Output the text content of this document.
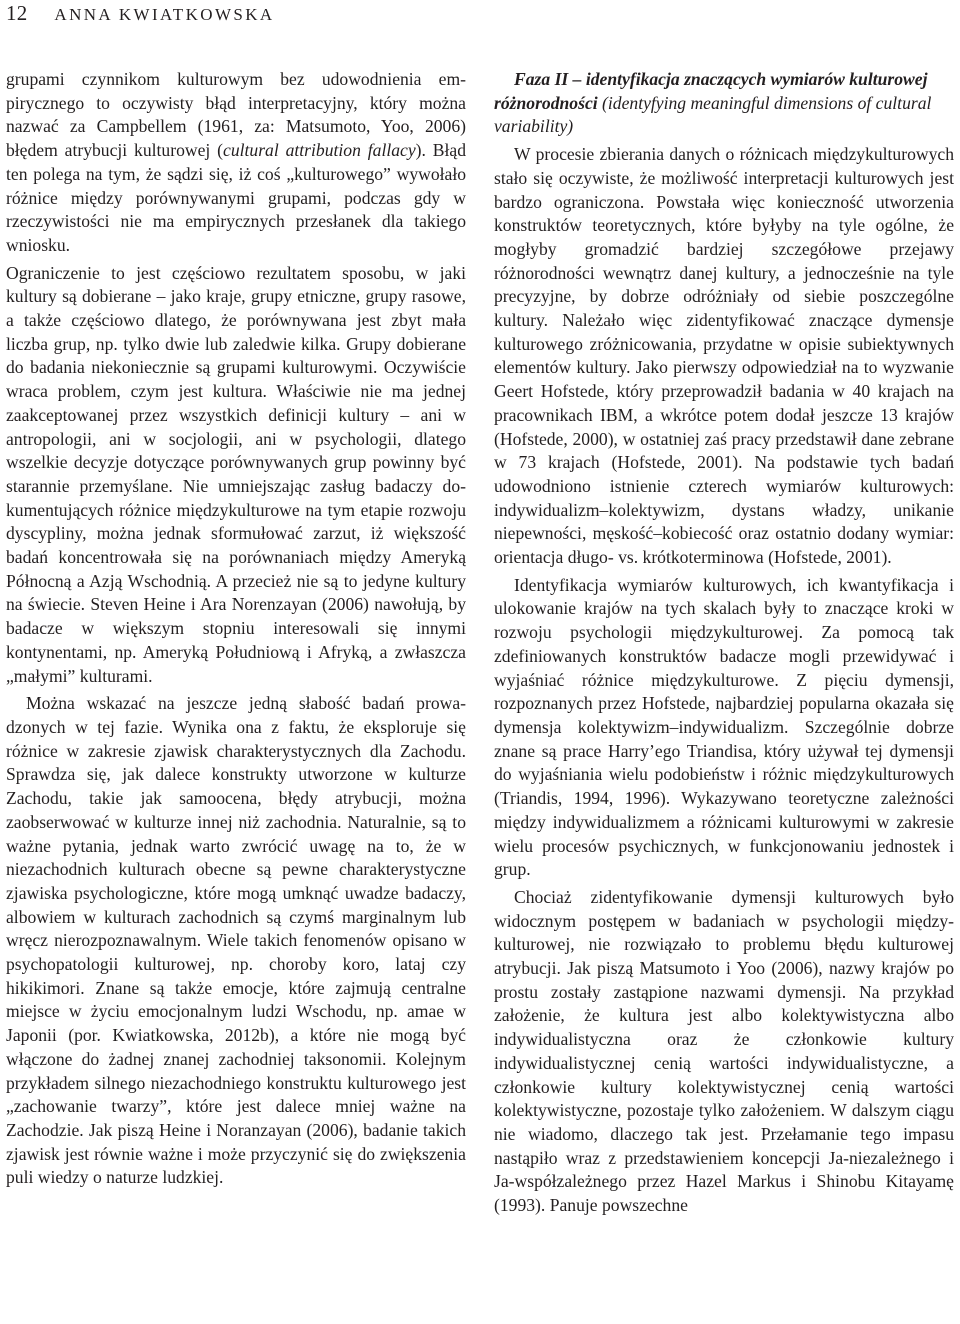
12 ANNA KWIATKOWSKA

grupami czynnikom kulturowym bez udowodnienia empirycznego to oczywisty błąd interpretacyjny, który można nazwać za Campbellem (1961, za: Matsumoto, Yoo, 2006) błędem atrybucji kulturowej (cultural attribution fallacy). Błąd ten polega na tym, że sądzi się, iż coś „kulturowego” wywołało różnice między porównywanymi grupami, podczas gdy w rzeczywistości nie ma empirycznych przesłanek dla takiego wniosku.

Ograniczenie to jest częściowo rezultatem sposobu, w jaki kultury są dobierane – jako kraje, grupy etniczne, grupy rasowe, a także częściowo dlatego, że porównywana jest zbyt mała liczba grup, np. tylko dwie lub zaledwie kilka. Grupy dobierane do badania niekoniecznie są grupami kulturowymi. Oczywiście wraca problem, czym jest kultura. Właściwie nie ma jednej zaakceptowanej przez wszystkich definicji kultury – ani w antropologii, ani w socjologii, ani w psychologii, dlatego wszelkie decyzje dotyczące porównywanych grup powinny być starannie przemyślane. Nie umniejszając zasług badaczy dokumentujących różnice międzykulturowe na tym etapie rozwoju dyscypliny, można jednak sformułować zarzut, iż większość badań koncentrowała się na porównaniach między Ameryką Północną a Azją Wschodnią. A przecież nie są to jedyne kultury na świecie. Steven Heine i Ara Norenzayan (2006) nawołują, by badacze w większym stopniu interesowali się innymi kontynentami, np. Ameryką Południową i Afryką, a zwłaszcza „małymi” kulturami.

Można wskazać na jeszcze jedną słabość badań prowadzonych w tej fazie. Wynika ona z faktu, że eksploruje się różnice w zakresie zjawisk charakterystycznych dla Zachodu. Sprawdza się, jak dalece konstrukty utworzone w kulturze Zachodu, takie jak samoocena, błędy atrybucji, można zaobserwować w kulturze innej niż zachodnia. Naturalnie, są to ważne pytania, jednak warto zwrócić uwagę na to, że w niezachodnich kulturach obecne są pewne charakterystyczne zjawiska psychologiczne, które mogą umknąć uwadze badaczy, albowiem w kulturach zachodnich są czymś marginalnym lub wręcz nierozpoznawalnym. Wiele takich fenomenów opisano w psychopatologii kulturowej, np. choroby koro, lataj czy hikikimori. Znane są także emocje, które zajmują centralne miejsce w życiu emocjonalnym ludzi Wschodu, np. amae w Japonii (por. Kwiatkowska, 2012b), a które nie mogą być włączone do żadnej znanej zachodniej taksonomii. Kolejnym przykładem silnego niezachodniego konstruktu kulturowego jest „zachowanie twarzy”, które jest dalece mniej ważne na Zachodzie. Jak piszą Heine i Noranzayan (2006), badanie takich zjawisk jest równie ważne i może przyczynić się do zwiększenia puli wiedzy o naturze ludzkiej.

Faza II – identyfikacja znaczących wymiarów kulturowej różnorodności (identyfying meaningful dimensions of cultural variability)

W procesie zbierania danych o różnicach międzykulturowych stało się oczywiste, że możliwość interpretacji kulturowych jest bardzo ograniczona. Powstała więc konieczność utworzenia konstruktów teoretycznych, które byłyby na tyle ogólne, że mogłyby gromadzić bardziej szczegółowe przejawy różnorodności wewnątrz danej kultury, a jednocześnie na tyle precyzyjne, by dobrze odróżniały od siebie poszczególne kultury. Należało więc zidentyfikować znaczące dymensje kulturowego zróżnicowania, przydatne w opisie subiektywnych elementów kultury. Jako pierwszy odpowiedział na to wyzwanie Geert Hofstede, który przeprowadził badania w 40 krajach na pracownikach IBM, a wkrótce potem dodał jeszcze 13 krajów (Hofstede, 2000), w ostatniej zaś pracy przedstawił dane zebrane w 73 krajach (Hofstede, 2001). Na podstawie tych badań udowodniono istnienie czterech wymiarów kulturowych: indywidualizm–kolektywizm, dystans władzy, unikanie niepewności, męskość–kobiecość oraz ostatnio dodany wymiar: orientacja długo- vs. krótkoterminowa (Hofstede, 2001).

Identyfikacja wymiarów kulturowych, ich kwantyfikacja i ulokowanie krajów na tych skalach były to znaczące kroki w rozwoju psychologii międzykulturowej. Za pomocą tak zdefiniowanych konstruktów badacze mogli przewidywać i wyjaśniać różnice międzykulturowe. Z pięciu dymensji, rozpoznanych przez Hofstede, najbardziej popularna okazała się dymensja kolektywizm–indywidualizm. Szczególnie dobrze znane są prace Harry’ego Triandisa, który używał tej dymensji do wyjaśniania wielu podobieństw i różnic międzykulturowych (Triandis, 1994, 1996). Wykazywano teoretyczne zależności między indywidualizmem a różnicami kulturowymi w zakresie wielu procesów psychicznych, w funkcjonowaniu jednostek i grup.

Chociaż zidentyfikowanie dymensji kulturowych było widocznym postępem w badaniach w psychologii międzykulturowej, nie rozwiązało to problemu błędu kulturowej atrybucji. Jak piszą Matsumoto i Yoo (2006), nazwy krajów po prostu zostały zastąpione nazwami dymensji. Na przykład założenie, że kultura jest albo kolektywistyczna albo indywidualistyczna oraz że członkowie kultury indywidualistycznej cenią wartości indywidualistyczne, a członkowie kultury kolektywistycznej cenią wartości kolektywistyczne, pozostaje tylko założeniem. W dalszym ciągu nie wiadomo, dlaczego tak jest. Przełamanie tego impasu nastąpiło wraz z przedstawieniem koncepcji Ja-niezależnego i Ja-współzależnego przez Hazel Markus i Shinobu Kitayamę (1993). Panuje powszechne
